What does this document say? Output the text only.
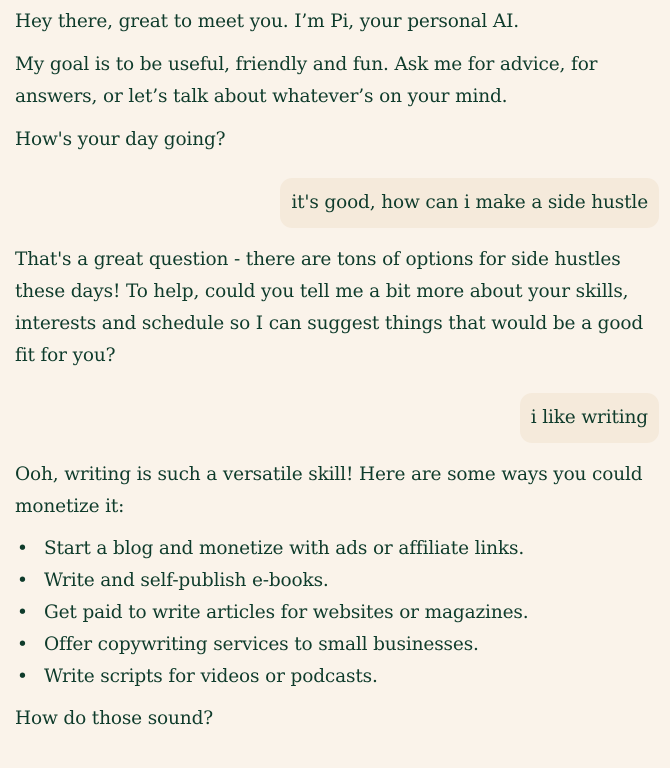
Hey there, great to meet you. I’m Pi, your personal AI.

My goal is to be useful, friendly and fun. Ask me for advice, for answers, or let’s talk about whatever’s on your mind.

How's your day going?

it's good, how can i make a side hustle

That's a great question - there are tons of options for side hustles these days! To help, could you tell me a bit more about your skills, interests and schedule so I can suggest things that would be a good fit for you?

i like writing

Ooh, writing is such a versatile skill! Here are some ways you could monetize it:

• Start a blog and monetize with ads or affiliate links.
• Write and self-publish e-books.
• Get paid to write articles for websites or magazines.
• Offer copywriting services to small businesses.
• Write scripts for videos or podcasts.

How do those sound?
